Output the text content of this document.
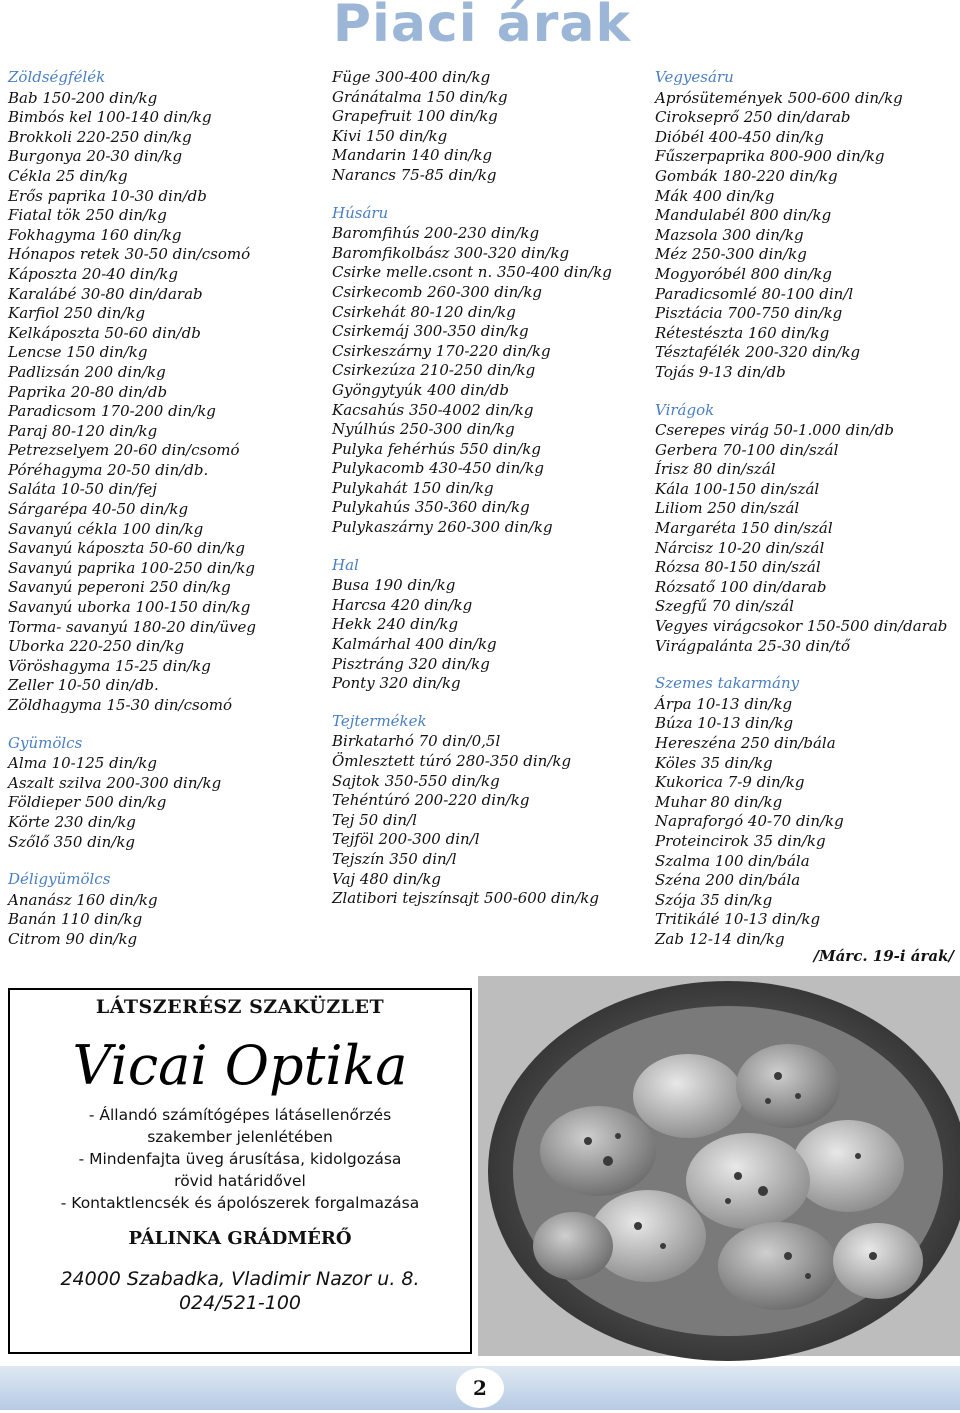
Piaci árak
Zöldségfélék
Bab 150-200 din/kg
Bimbós kel 100-140 din/kg
Brokkoli 220-250 din/kg
Burgonya 20-30 din/kg
Cékla 25 din/kg
Erős paprika 10-30 din/db
Fiatal tök 250 din/kg
Fokhagyma 160 din/kg
Hónapos retek 30-50 din/csomó
Káposzta 20-40 din/kg
Karalábé 30-80 din/darab
Karfiol 250 din/kg
Kelkáposzta 50-60 din/db
Lencse 150 din/kg
Padlizsán 200 din/kg
Paprika 20-80 din/db
Paradicsom 170-200 din/kg
Paraj 80-120 din/kg
Petrezselyem 20-60 din/csomó
Póréhagyma 20-50 din/db.
Saláta 10-50 din/fej
Sárgarépa 40-50 din/kg
Savanyú cékla 100 din/kg
Savanyú káposzta 50-60 din/kg
Savanyú paprika 100-250 din/kg
Savanyú peperoni 250 din/kg
Savanyú uborka 100-150 din/kg
Torma- savanyú 180-20 din/üveg
Uborka 220-250 din/kg
Vöröshagyma 15-25 din/kg
Zeller 10-50 din/db.
Zöldhagyma 15-30 din/csomó
Gyümölcs
Alma 10-125 din/kg
Aszalt szilva 200-300 din/kg
Földieper 500 din/kg
Körte 230 din/kg
Szőlő 350 din/kg
Déligyümölcs
Ananász 160 din/kg
Banán 110 din/kg
Citrom 90 din/kg
Füge 300-400 din/kg
Gránátalma 150 din/kg
Grapefruit 100 din/kg
Kivi 150 din/kg
Mandarin 140 din/kg
Narancs 75-85 din/kg
Húsáru
Baromfihús 200-230 din/kg
Baromfikolbász 300-320 din/kg
Csirke melle.csont n. 350-400 din/kg
Csirkecomb 260-300 din/kg
Csirkehát 80-120 din/kg
Csirkemáj 300-350 din/kg
Csirkeszárny 170-220 din/kg
Csirkezúza 210-250 din/kg
Gyöngytyúk 400 din/db
Kacsahús 350-4002 din/kg
Nyúlhús 250-300 din/kg
Pulyka fehérhús 550 din/kg
Pulykacomb 430-450 din/kg
Pulykahát 150 din/kg
Pulykahús 350-360 din/kg
Pulykaszárny 260-300 din/kg
Hal
Busa 190 din/kg
Harcsa 420 din/kg
Hekk 240 din/kg
Kalmárhal 400 din/kg
Pisztráng 320 din/kg
Ponty 320 din/kg
Tejtermékek
Birkatarhó 70 din/0,5l
Ömlesztett túró 280-350 din/kg
Sajtok 350-550 din/kg
Tehéntúró 200-220 din/kg
Tej 50 din/l
Tejföl 200-300 din/l
Tejszín 350 din/l
Vaj 480 din/kg
Zlatibori tejszínsajt 500-600 din/kg
Vegyesáru
Aprósütemények 500-600 din/kg
Cirokseprő 250 din/darab
Dióbél 400-450 din/kg
Fűszerpaprika 800-900 din/kg
Gombák 180-220 din/kg
Mák 400 din/kg
Mandulabél 800 din/kg
Mazsola 300 din/kg
Méz 250-300 din/kg
Mogyoróbél 800 din/kg
Paradicsomlé 80-100 din/l
Pisztácia 700-750 din/kg
Rétestészta 160 din/kg
Tésztafélék 200-320 din/kg
Tojás 9-13 din/db
Virágok
Cserepes virág 50-1.000 din/db
Gerbera 70-100 din/szál
Írisz 80 din/szál
Kála 100-150 din/szál
Liliom 250 din/szál
Margaréta 150 din/szál
Nárcisz 10-20 din/szál
Rózsa 80-150 din/szál
Rózsatő 100 din/darab
Szegfű 70 din/szál
Vegyes virágcsokor 150-500 din/darab
Virágpalánta 25-30 din/tő
Szemes takarmány
Árpa 10-13 din/kg
Búza 10-13 din/kg
Hereszéna 250 din/bála
Köles 35 din/kg
Kukorica 7-9 din/kg
Muhar 80 din/kg
Napraforgó 40-70 din/kg
Proteincirok 35 din/kg
Szalma 100 din/bála
Széna 200 din/bála
Szója 35 din/kg
Tritikálé 10-13 din/kg
Zab 12-14 din/kg
/Márc. 19-i árak/
LÁTSZERÉSZ SZAKÜZLET
Vicai Optika
- Állandó számítógépes látásellenőrzés
szakember jelenlétében
- Mindenfajta üveg árusítása, kidolgozása
rövid határidővel
- Kontaktlencsék és ápolószerek forgalmazása
PÁLINKA GRÁDMÉRŐ
24000 Szabadka, Vladimir Nazor u. 8.
024/521-100
2
